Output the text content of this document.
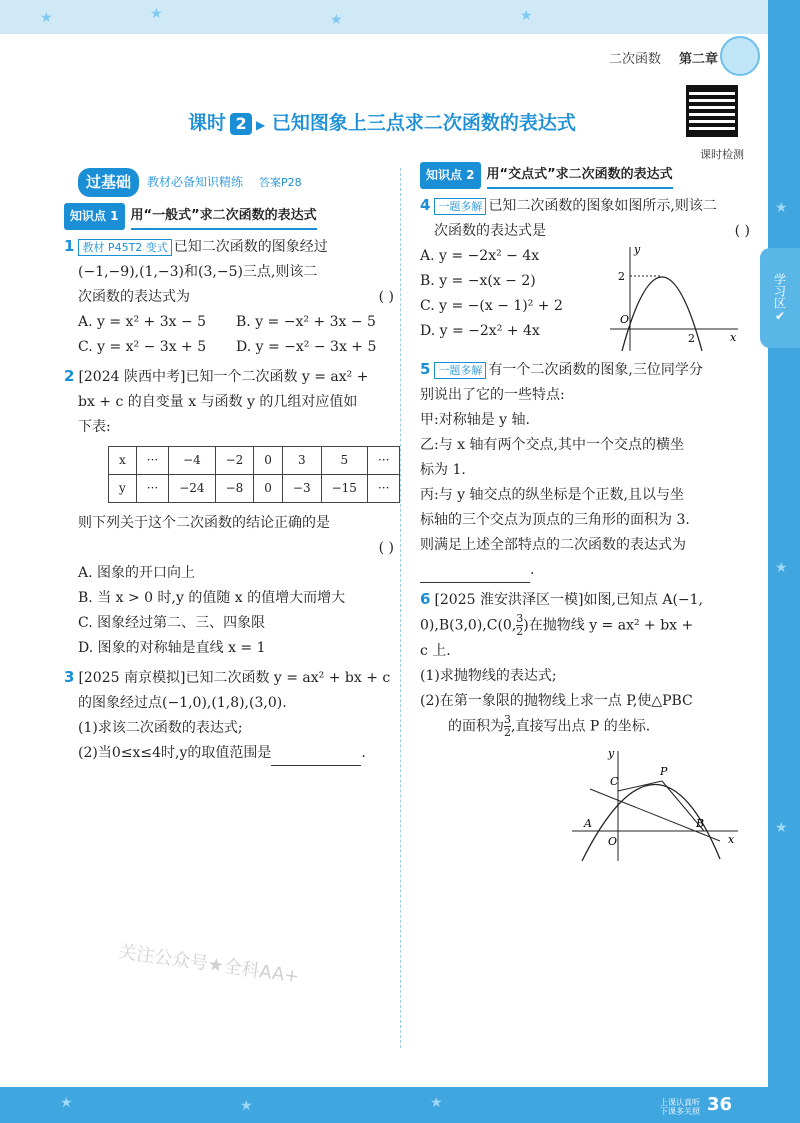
★	★	★	★
★	★	★
★
★
★
学习区
✔
二次函数 第二章
课时 2 ▶ 已知图象上三点求二次函数的表达式
课时检测
过基础	教材必备知识精练 答案P28
知识点 1 用“一般式”求二次函数的表达式
1 教材 P45T2 变式 已知二次函数的图象经过
(−1,−9),(1,−3)和(3,−5)三点,则该二
次函数的表达式为	( )
A. y = x² + 3x − 5	B. y = −x² + 3x − 5
C. y = x² − 3x + 5	D. y = −x² − 3x + 5
2 [2024 陕西中考]已知一个二次函数 y = ax² +
bx + c 的自变量 x 与函数 y 的几组对应值如
下表:
x	···	−4	−2	0	3	5	···
y	···	−24	−8	0	−3	−15	···
则下列关于这个二次函数的结论正确的是
( )
A. 图象的开口向上
B. 当 x > 0 时,y 的值随 x 的值增大而增大
C. 图象经过第二、三、四象限
D. 图象的对称轴是直线 x = 1
3 [2025 南京模拟]已知二次函数 y = ax² + bx + c
的图象经过点(−1,0),(1,8),(3,0).
(1)求该二次函数的表达式;
(2)当0≤x≤4时,y的取值范围是	.
知识点 2 用“交点式”求二次函数的表达式
4 一题多解 已知二次函数的图象如图所示,则该二
次函数的表达式是	( )
A. y = −2x² − 4x
B. y = −x(x − 2)
C. y = −(x − 1)² + 2
D. y = −2x² + 4x
y
x
O
2
2
5 一题多解 有一个二次函数的图象,三位同学分
别说出了它的一些特点:
甲:对称轴是 y 轴.
乙:与 x 轴有两个交点,其中一个交点的横坐
标为 1.
丙:与 y 轴交点的纵坐标是个正数,且以与坐
标轴的三个交点为顶点的三角形的面积为 3.
则满足上述全部特点的二次函数的表达式为
.
6 [2025 淮安洪泽区一模]如图,已知点 A(−1,
0),B(3,0),C(0, $\frac{3}{2}$)在抛物线 y = ax² + bx +
c 上.
(1)求抛物线的表达式;
(2)在第一象限的抛物线上求一点 P,使△PBC
的面积为 $\frac{3}{2}$,直接写出点 P 的坐标.
y
x
O
A	B
C
P
关注公众号★全科AA+
上课认真听
下课多关照 36
